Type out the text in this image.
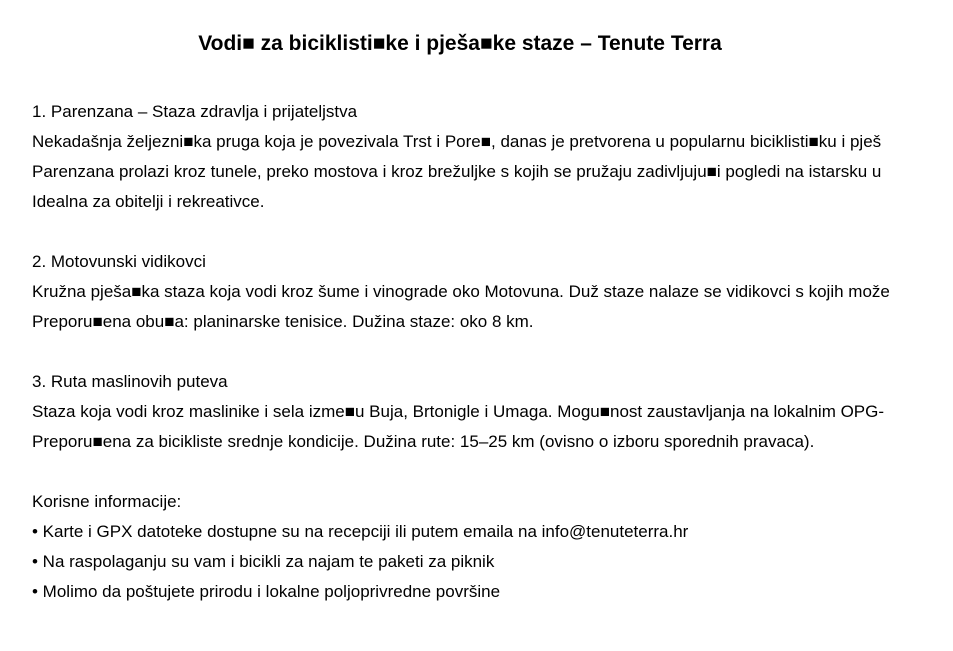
Vodi■ za biciklisti■ke i pješa■ke staze – Tenute Terra
1. Parenzana – Staza zdravlja i prijateljstva
Nekadašnja željezni■ka pruga koja je povezivala Trst i Pore■, danas je pretvorena u popularnu biciklisti■ku i pješ
Parenzana prolazi kroz tunele, preko mostova i kroz brežuljke s kojih se pružaju zadivljuju■i pogledi na istarsku u
Idealna za obitelji i rekreativce.
2. Motovunski vidikovci
Kružna pješa■ka staza koja vodi kroz šume i vinograde oko Motovuna. Duž staze nalaze se vidikovci s kojih može
Preporu■ena obu■a: planinarske tenisice. Dužina staze: oko 8 km.
3. Ruta maslinovih puteva
Staza koja vodi kroz maslinike i sela izme■u Buja, Brtonigle i Umaga. Mogu■nost zaustavljanja na lokalnim OPG-
Preporu■ena za bicikliste srednje kondicije. Dužina rute: 15–25 km (ovisno o izboru sporednih pravaca).
Korisne informacije:
• Karte i GPX datoteke dostupne su na recepciji ili putem emaila na info@tenuteterra.hr
• Na raspolaganju su vam i bicikli za najam te paketi za piknik
• Molimo da poštujete prirodu i lokalne poljoprivredne površine
